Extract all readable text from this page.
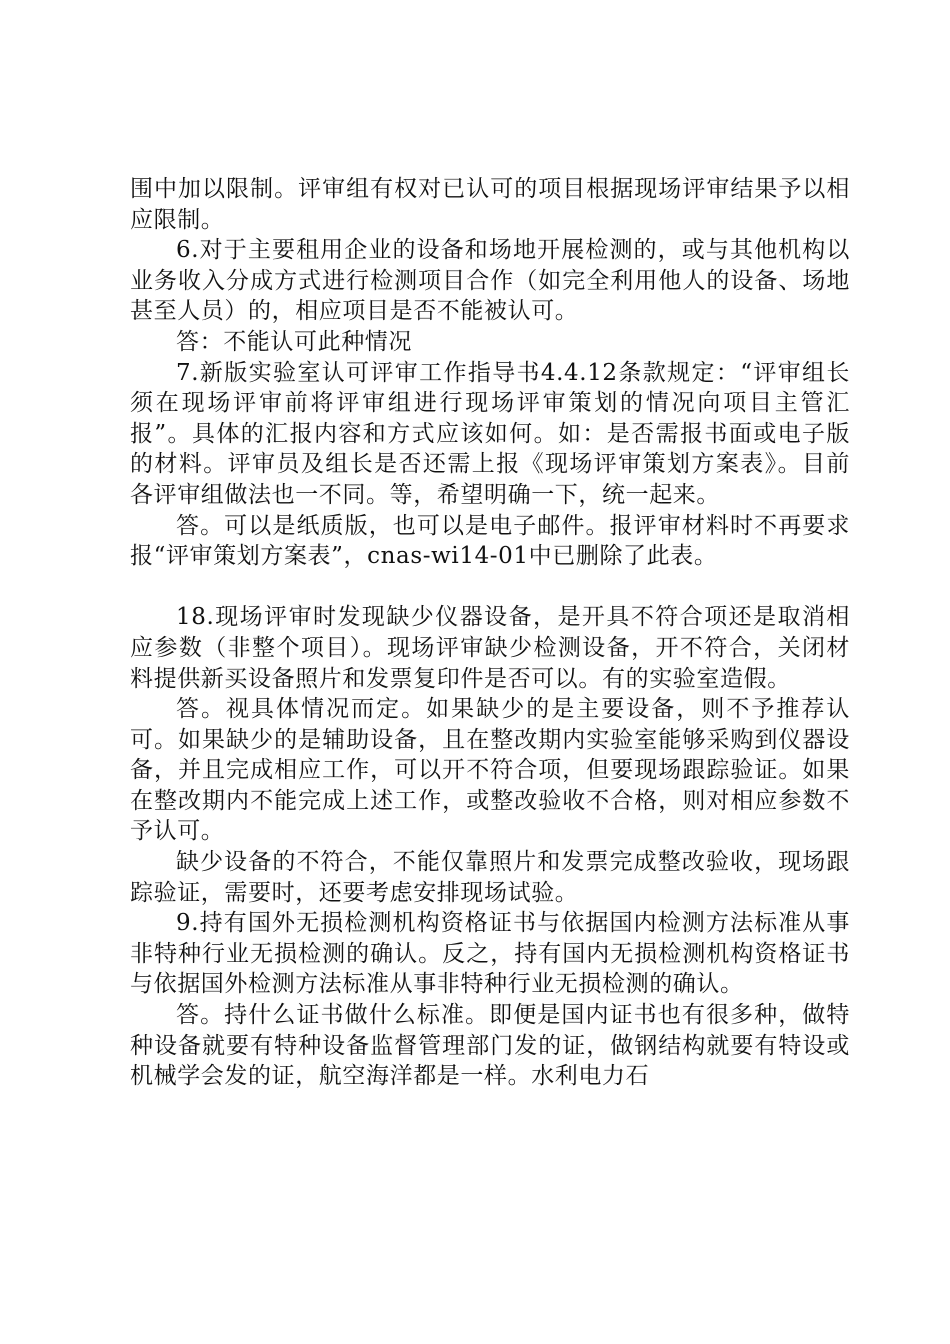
围中加以限制。评审组有权对已认可的项目根据现场评审结果予以相应限制。

6.对于主要租用企业的设备和场地开展检测的，或与其他机构以业务收入分成方式进行检测项目合作（如完全利用他人的设备、场地甚至人员）的，相应项目是否不能被认可。

答：不能认可此种情况

7.新版实验室认可评审工作指导书4.4.12条款规定：“评审组长须在现场评审前将评审组进行现场评审策划的情况向项目主管汇报”。具体的汇报内容和方式应该如何。如：是否需报书面或电子版的材料。评审员及组长是否还需上报《现场评审策划方案表》。目前各评审组做法也一不同。等，希望明确一下，统一起来。

答。可以是纸质版，也可以是电子邮件。报评审材料时不再要求报“评审策划方案表”，cnas-wi14-01中已删除了此表。

18.现场评审时发现缺少仪器设备，是开具不符合项还是取消相应参数（非整个项目）。现场评审缺少检测设备，开不符合，关闭材料提供新买设备照片和发票复印件是否可以。有的实验室造假。

答。视具体情况而定。如果缺少的是主要设备，则不予推荐认可。如果缺少的是辅助设备，且在整改期内实验室能够采购到仪器设备，并且完成相应工作，可以开不符合项，但要现场跟踪验证。如果在整改期内不能完成上述工作，或整改验收不合格，则对相应参数不予认可。

缺少设备的不符合，不能仅靠照片和发票完成整改验收，现场跟踪验证，需要时，还要考虑安排现场试验。

9.持有国外无损检测机构资格证书与依据国内检测方法标准从事非特种行业无损检测的确认。反之，持有国内无损检测机构资格证书与依据国外检测方法标准从事非特种行业无损检测的确认。

答。持什么证书做什么标准。即便是国内证书也有很多种，做特种设备就要有特种设备监督管理部门发的证，做钢结构就要有特设或机械学会发的证，航空海洋都是一样。水利电力石
